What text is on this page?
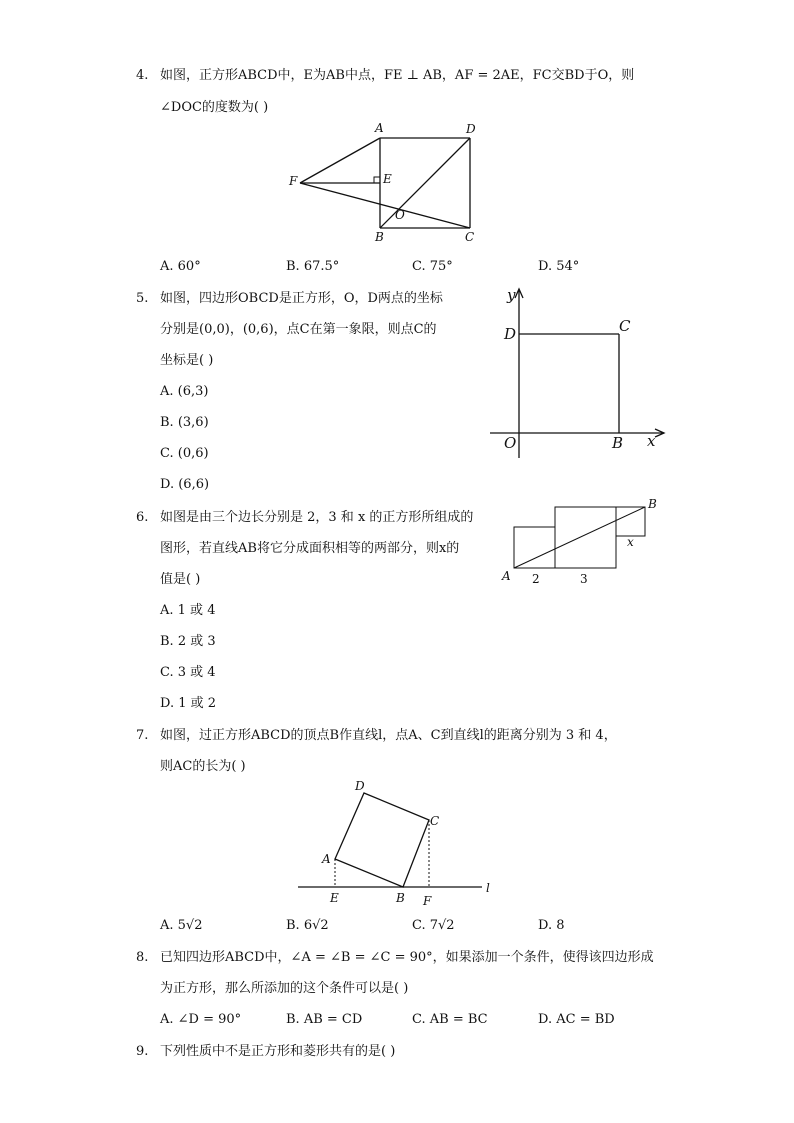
4. 如图，正方形ABCD中，E为AB中点，FE ⊥ AB，AF = 2AE，FC交BD于O，则
∠DOC的度数为( )
A	D
F	E
O
B	C
A. 60°	B. 67.5°	C. 75°	D. 54°
5. 如图，四边形OBCD是正方形，O，D两点的坐标
分别是(0,0)，(0,6)，点C在第一象限，则点C的
坐标是( )
A. (6,3)
B. (3,6)
C. (0,6)
D. (6,6)
y
D	C
O	B x
6. 如图是由三个边长分别是 2，3 和 x 的正方形所组成的
图形，若直线AB将它分成面积相等的两部分，则x的
值是( )
A. 1 或 4
B. 2 或 3
C. 3 或 4
D. 1 或 2
B
x
A 2	3
7. 如图，过正方形ABCD的顶点B作直线l，点A、C到直线l的距离分别为 3 和 4，
则AC的长为( )
D
C
A
l
E	B F
A. 5√2	B. 6√2	C. 7√2	D. 8
8. 已知四边形ABCD中，∠A = ∠B = ∠C = 90°，如果添加一个条件，使得该四边形成
为正方形，那么所添加的这个条件可以是( )
A. ∠D = 90°	B. AB = CD	C. AB = BC	D. AC = BD
9. 下列性质中不是正方形和菱形共有的是( )
